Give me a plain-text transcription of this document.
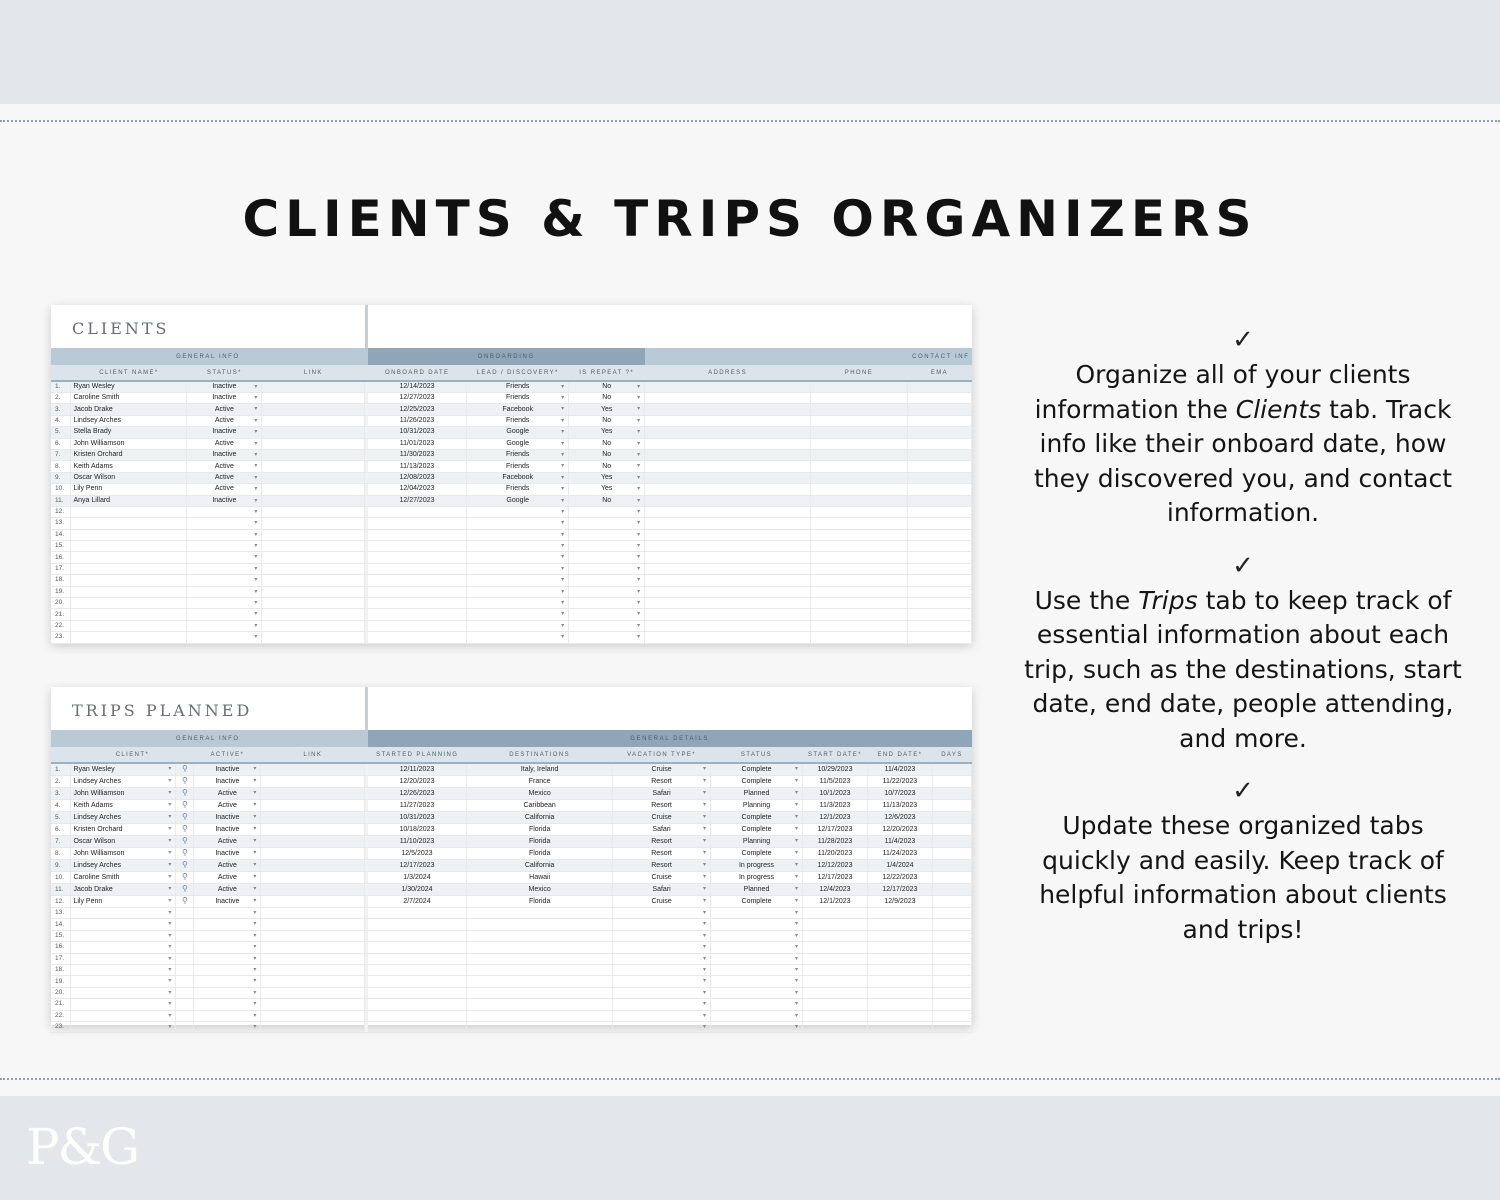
CLIENTS & TRIPS ORGANIZERS
CLIENTS
GENERAL INFO					ONBOARDING			CONTACT INF		
	CLIENT NAME*	STATUS*	LINK		ONBOARD DATE	LEAD / DISCOVERY*	IS REPEAT ?*	ADDRESS	PHONE	EMA
1.	Ryan Wesley	Inactive ▾			12/14/2023	Friends ▾	No ▾			

2.	Caroline Smith	Inactive ▾			12/27/2023	Friends ▾	No ▾			

3.	Jacob Drake	Active ▾			12/25/2023	Facebook ▾	Yes ▾			

4.	Lindsey Arches	Active ▾			11/26/2023	Friends ▾	No ▾			

5.	Stella Brady	Inactive ▾			10/31/2023	Google ▾	Yes ▾			

6.	John Williamson	Active ▾			11/01/2023	Google ▾	No ▾			

7.	Kristen Orchard	Inactive ▾			11/30/2023	Friends ▾	No ▾			

8.	Keith Adams	Active ▾			11/13/2023	Friends ▾	No ▾			

9.	Oscar Wilson	Active ▾			12/08/2023	Facebook ▾	Yes ▾			

10.	Lily Penn	Active ▾			12/04/2023	Friends ▾	Yes ▾			

11.	Anya Lillard	Inactive ▾			12/27/2023	Google ▾	No ▾			

12.		▾				▾	▾			

13.		▾				▾	▾			

14.		▾				▾	▾			

15.		▾				▾	▾			

16.		▾				▾	▾			

17.		▾				▾	▾			

18.		▾				▾	▾			

19.		▾				▾	▾			

20.		▾				▾	▾			

21.		▾				▾	▾			

22.		▾				▾	▾			

23.		▾				▾	▾			

TRIPS PLANNED
GENERAL INFO						GENERAL DETAILS						
	CLIENT*		ACTIVE*	LINK		STARTED PLANNING	DESTINATIONS	VACATION TYPE*	STATUS	START DATE*	END DATE*	DAYS
1.	Ryan Wesley ▾	⚲	Inactive ▾			12/11/2023	Italy, Ireland	Cruise ▾	Complete ▾	10/29/2023	11/4/2023	
2.	Lindsey Arches ▾	⚲	Inactive ▾			12/20/2023	France	Resort ▾	Complete ▾	11/5/2023	11/22/2023	
3.	John Williamson ▾	⚲	Active ▾			12/26/2023	Mexico	Safari ▾	Planned ▾	10/1/2023	10/7/2023	
4.	Keith Adams ▾	⚲	Active ▾			11/27/2023	Caribbean	Resort ▾	Planning ▾	11/3/2023	11/13/2023	
5.	Lindsey Arches ▾	⚲	Inactive ▾			10/31/2023	California	Cruise ▾	Complete ▾	12/1/2023	12/6/2023	
6.	Kristen Orchard ▾	⚲	Inactive ▾			10/18/2023	Florida	Safari ▾	Complete ▾	12/17/2023	12/20/2023	
7.	Oscar Wilson ▾	⚲	Active ▾			11/10/2023	Florida	Resort ▾	Planning ▾	11/28/2023	11/4/2023	
8.	John Williamson ▾	⚲	Inactive ▾			12/5/2023	Florida	Resort ▾	Complete ▾	11/20/2023	11/24/2023	
9.	Lindsey Arches ▾	⚲	Active ▾			12/17/2023	California	Resort ▾	In progress ▾	12/12/2023	1/4/2024	
10.	Caroline Smith ▾	⚲	Active ▾			1/3/2024	Hawaii	Cruise ▾	In progress ▾	12/17/2023	12/22/2023	
11.	Jacob Drake ▾	⚲	Active ▾			1/30/2024	Mexico	Safari ▾	Planned ▾	12/4/2023	12/17/2023	
12.	Lily Penn ▾	⚲	Inactive ▾			2/7/2024	Florida	Cruise ▾	Complete ▾	12/1/2023	12/9/2023	
13.	▾		▾					▾	▾			

14.	▾		▾					▾	▾			

15.	▾		▾					▾	▾			

16.	▾		▾					▾	▾			

17.	▾		▾					▾	▾			

18.	▾		▾					▾	▾			

19.	▾		▾					▾	▾			

20.	▾		▾					▾	▾			

21.	▾		▾					▾	▾			

22.	▾		▾					▾	▾			

23.	▾		▾					▾	▾			

✓

Organize all of your clients information the Clients tab. Track info like their onboard date, how they discovered you, and contact information.

✓

Use the Trips tab to keep track of essential information about each trip, such as the destinations, start date, end date, people attending, and more.

✓

Update these organized tabs quickly and easily. Keep track of helpful information about clients and trips!

P&G
